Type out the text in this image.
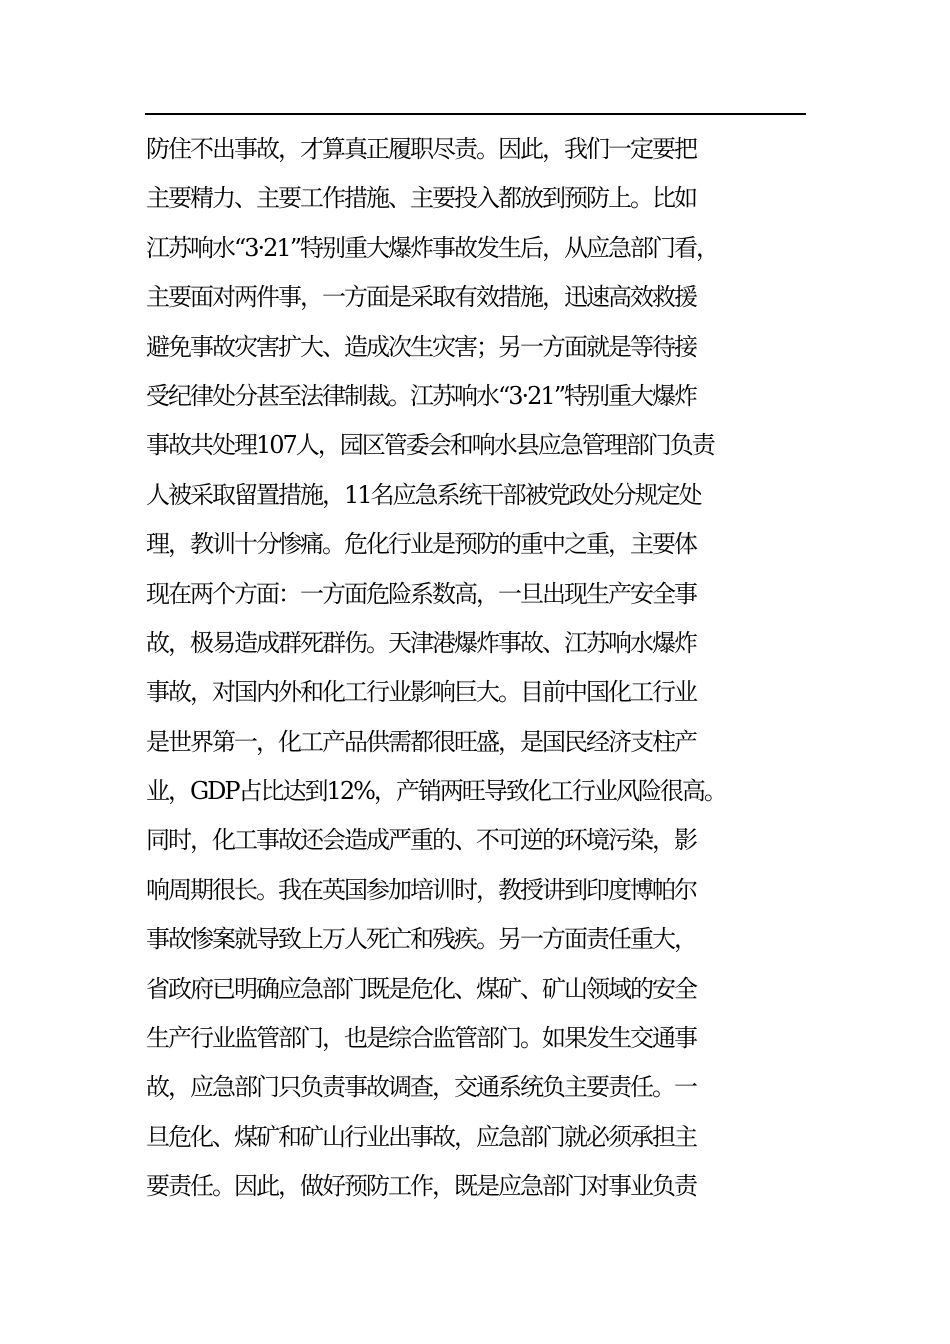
防住不出事故，才算真正履职尽责。因此，我们一定要把
主要精力、主要工作措施、主要投入都放到预防上。比如
江苏响水“3·21”特别重大爆炸事故发生后，从应急部门看，
主要面对两件事，一方面是采取有效措施，迅速高效救援
避免事故灾害扩大、造成次生灾害；另一方面就是等待接
受纪律处分甚至法律制裁。江苏响水“3·21”特别重大爆炸
事故共处理107人，园区管委会和响水县应急管理部门负责
人被采取留置措施，11名应急系统干部被党政处分规定处
理，教训十分惨痛。危化行业是预防的重中之重，主要体
现在两个方面：一方面危险系数高，一旦出现生产安全事
故，极易造成群死群伤。天津港爆炸事故、江苏响水爆炸
事故，对国内外和化工行业影响巨大。目前中国化工行业
是世界第一，化工产品供需都很旺盛，是国民经济支柱产
业，GDP占比达到12%，产销两旺导致化工行业风险很高。
同时，化工事故还会造成严重的、不可逆的环境污染，影
响周期很长。我在英国参加培训时，教授讲到印度博帕尔
事故惨案就导致上万人死亡和残疾。另一方面责任重大，
省政府已明确应急部门既是危化、煤矿、矿山领域的安全
生产行业监管部门，也是综合监管部门。如果发生交通事
故，应急部门只负责事故调查，交通系统负主要责任。一
旦危化、煤矿和矿山行业出事故，应急部门就必须承担主
要责任。因此，做好预防工作，既是应急部门对事业负责
